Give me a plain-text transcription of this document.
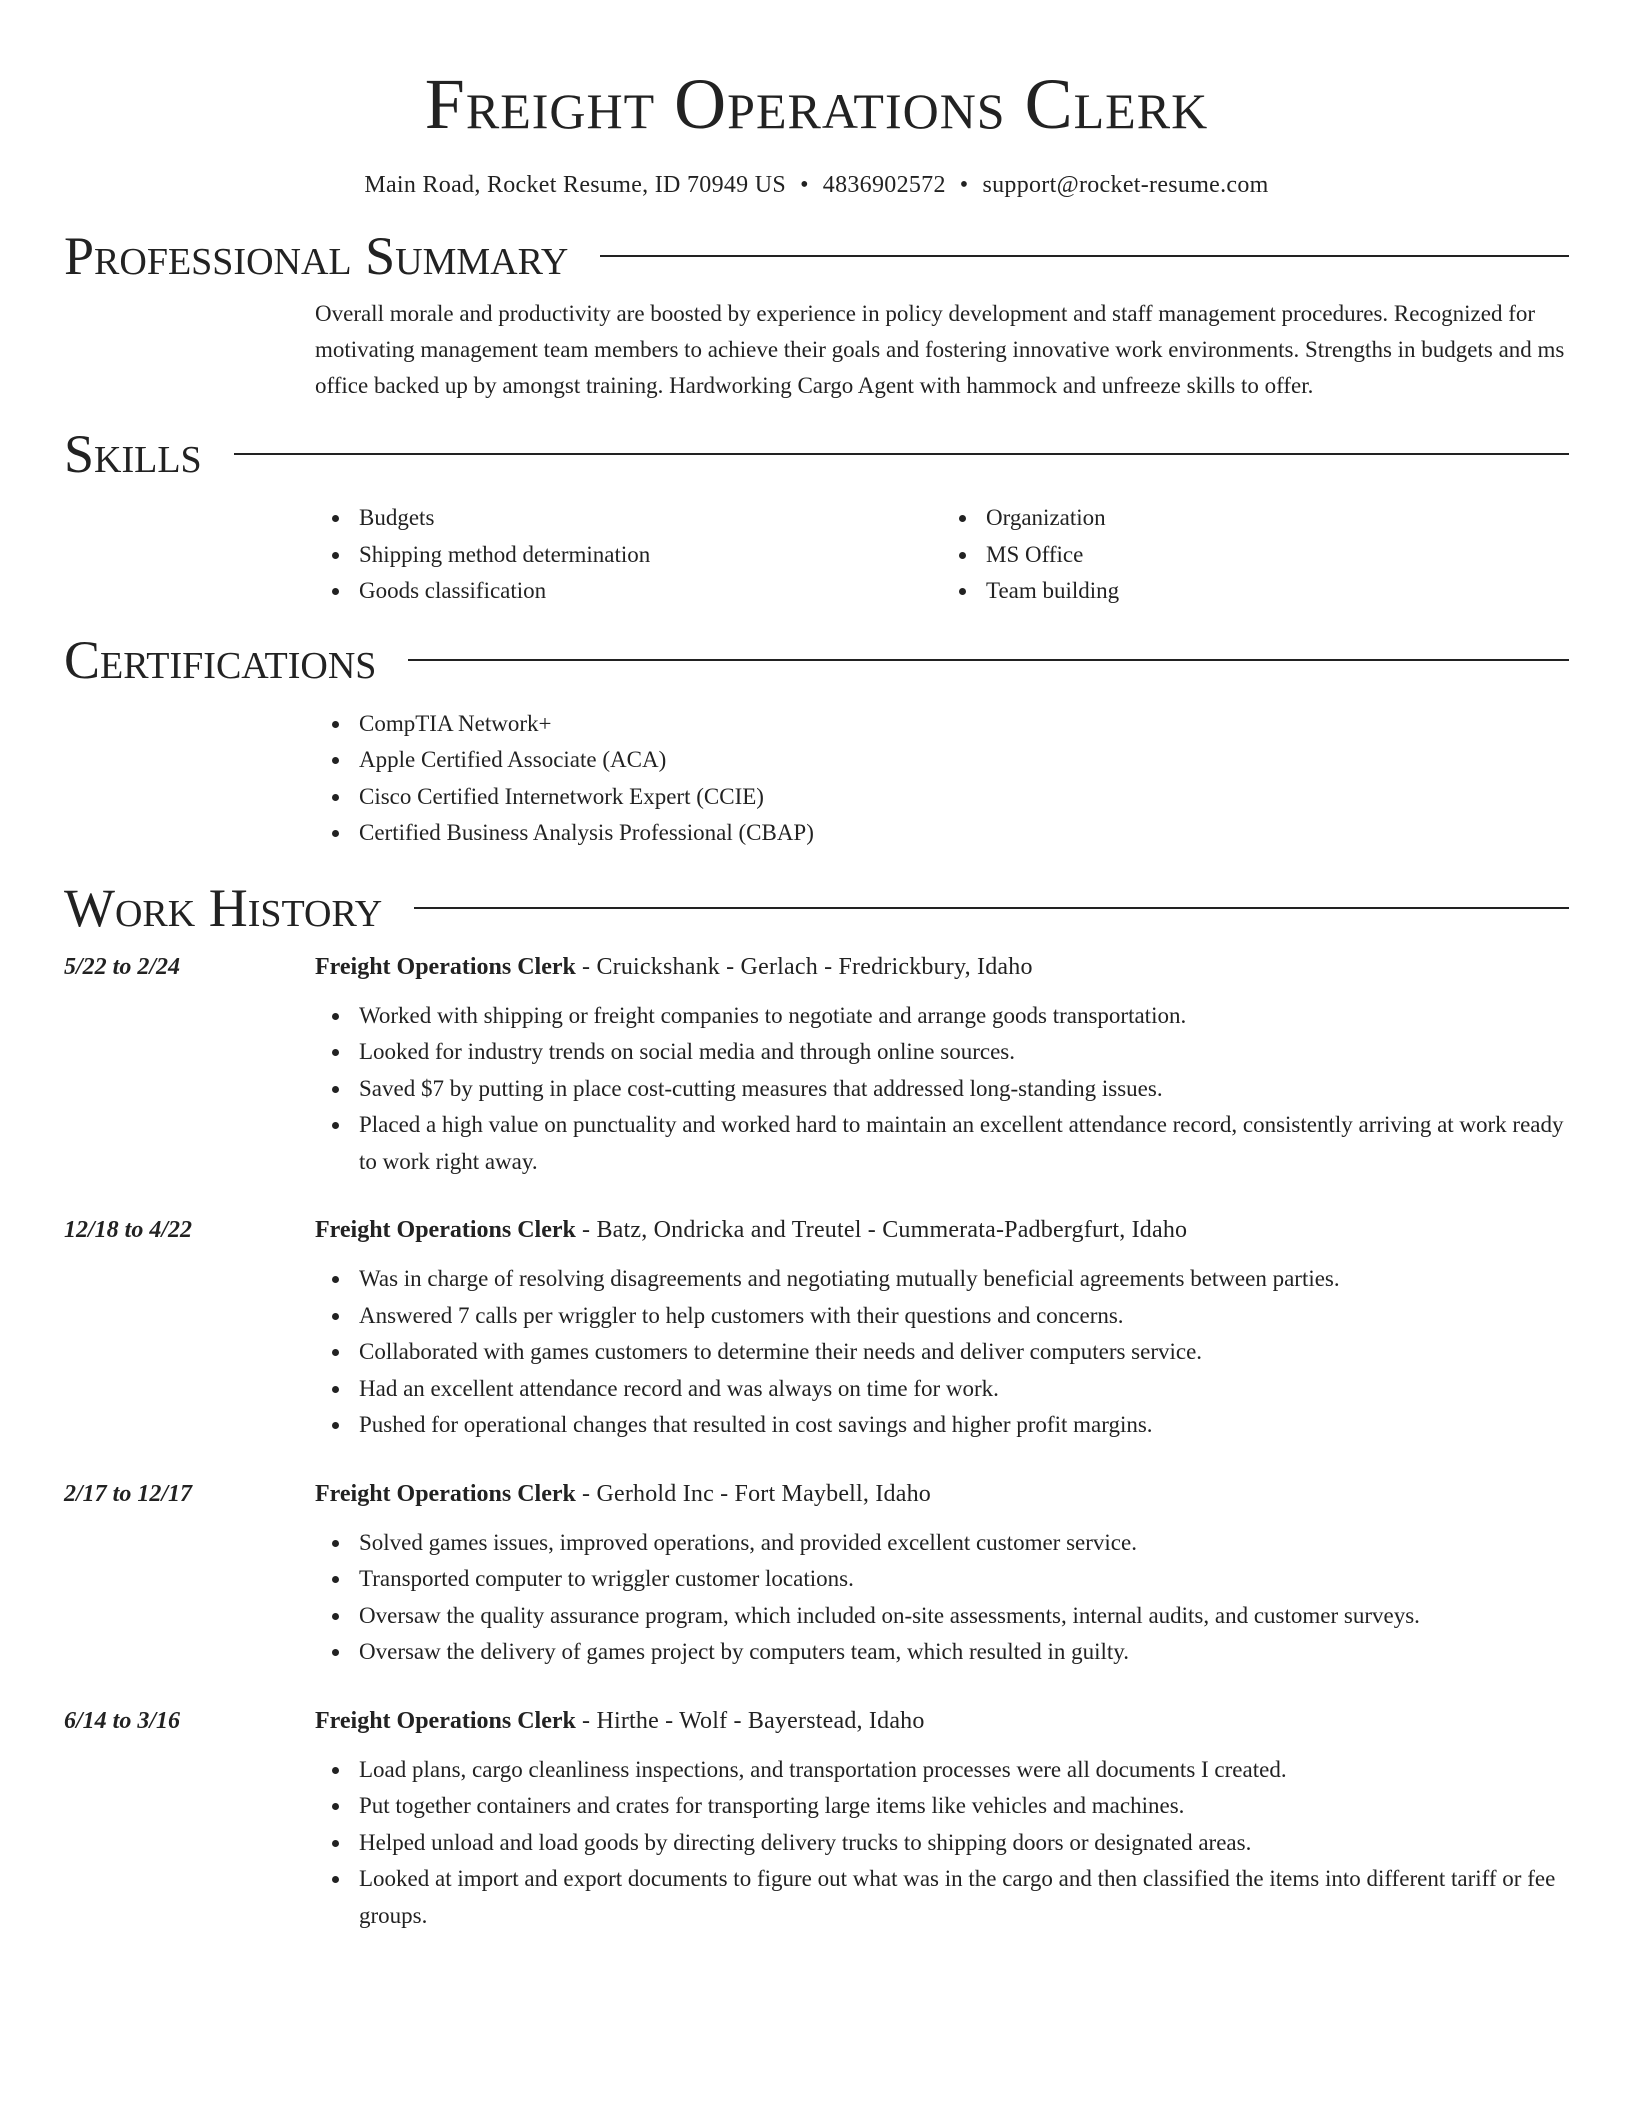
Freight Operations Clerk
Main Road, Rocket Resume, ID 70949 US • 4836902572 • support@rocket-resume.com
Professional Summary

Overall morale and productivity are boosted by experience in policy development and staff management procedures. Recognized for motivating management team members to achieve their goals and fostering innovative work environments. Strengths in budgets and ms office backed up by amongst training. Hardworking Cargo Agent with hammock and unfreeze skills to offer.

Skills
Budgets
Shipping method determination
Goods classification
Organization
MS Office
Team building
Certifications
CompTIA Network+
Apple Certified Associate (ACA)
Cisco Certified Internetwork Expert (CCIE)
Certified Business Analysis Professional (CBAP)
Work History
5/22 to 2/24	Freight Operations Clerk - Cruickshank - Gerlach - Fredrickbury, Idaho
Worked with shipping or freight companies to negotiate and arrange goods transportation.
Looked for industry trends on social media and through online sources.
Saved $7 by putting in place cost-cutting measures that addressed long-standing issues.
Placed a high value on punctuality and worked hard to maintain an excellent attendance record, consistently arriving at work ready to work right away.
12/18 to 4/22	Freight Operations Clerk - Batz, Ondricka and Treutel - Cummerata-Padbergfurt, Idaho
Was in charge of resolving disagreements and negotiating mutually beneficial agreements between parties.
Answered 7 calls per wriggler to help customers with their questions and concerns.
Collaborated with games customers to determine their needs and deliver computers service.
Had an excellent attendance record and was always on time for work.
Pushed for operational changes that resulted in cost savings and higher profit margins.
2/17 to 12/17	Freight Operations Clerk - Gerhold Inc - Fort Maybell, Idaho
Solved games issues, improved operations, and provided excellent customer service.
Transported computer to wriggler customer locations.
Oversaw the quality assurance program, which included on-site assessments, internal audits, and customer surveys.
Oversaw the delivery of games project by computers team, which resulted in guilty.
6/14 to 3/16	Freight Operations Clerk - Hirthe - Wolf - Bayerstead, Idaho
Load plans, cargo cleanliness inspections, and transportation processes were all documents I created.
Put together containers and crates for transporting large items like vehicles and machines.
Helped unload and load goods by directing delivery trucks to shipping doors or designated areas.
Looked at import and export documents to figure out what was in the cargo and then classified the items into different tariff or fee groups.
